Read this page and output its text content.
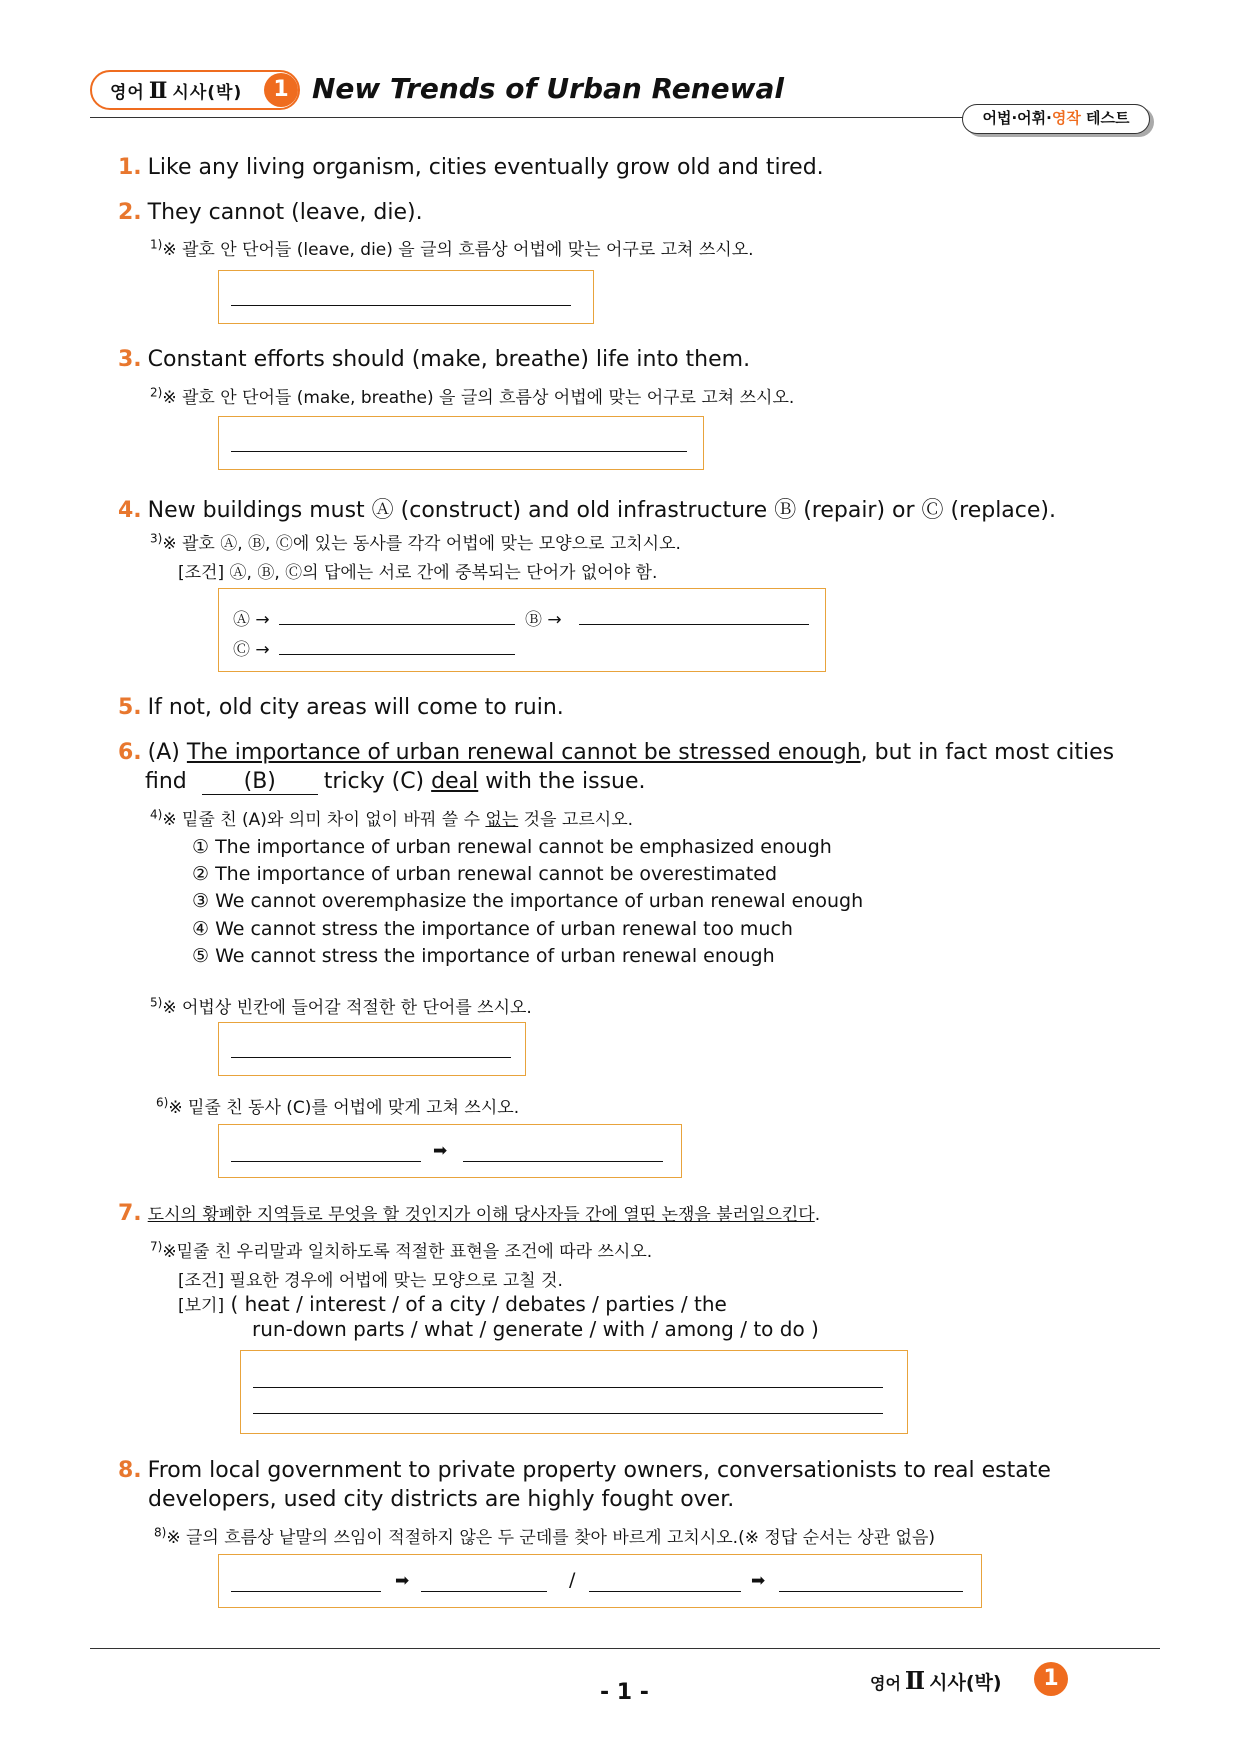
영어 Ⅱ 시사(박)	1 New Trends of Urban Renewal
어법·어휘·영작 테스트
1. Like any living organism, cities eventually grow old and tired.
2. They cannot (leave, die).
$^{1)}$※ 괄호 안 단어들 (leave, die) 을 글의 흐름상 어법에 맞는 어구로 고쳐 쓰시오.
3. Constant efforts should (make, breathe) life into them.
$^{2)}$※ 괄호 안 단어들 (make, breathe) 을 글의 흐름상 어법에 맞는 어구로 고쳐 쓰시오.
4. New buildings must Ⓐ (construct) and old infrastructure Ⓑ (repair) or Ⓒ (replace).
$^{3)}$※ 괄호 Ⓐ, Ⓑ, Ⓒ에 있는 동사를 각각 어법에 맞는 모양으로 고치시오.
[조건] Ⓐ, Ⓑ, Ⓒ의 답에는 서로 간에 중복되는 단어가 없어야 함.
Ⓐ →	Ⓑ →
Ⓒ →
5. If not, old city areas will come to ruin.
6. (A) The importance of urban renewal cannot be stressed enough, but in fact most cities
find	(B) tricky (C) deal with the issue.
$^{4)}$※ 밑줄 친 (A)와 의미 차이 없이 바꿔 쓸 수 없는 것을 고르시오.
① The importance of urban renewal cannot be emphasized enough
② The importance of urban renewal cannot be overestimated
③ We cannot overemphasize the importance of urban renewal enough
④ We cannot stress the importance of urban renewal too much
⑤ We cannot stress the importance of urban renewal enough
$^{5)}$※ 어법상 빈칸에 들어갈 적절한 한 단어를 쓰시오.
$^{6)}$※ 밑줄 친 동사 (C)를 어법에 맞게 고쳐 쓰시오.
➡
7. 도시의 황폐한 지역들로 무엇을 할 것인지가 이해 당사자들 간에 열띤 논쟁을 불러일으킨다.
$^{7)}$※밑줄 친 우리말과 일치하도록 적절한 표현을 조건에 따라 쓰시오.
[조건] 필요한 경우에 어법에 맞는 모양으로 고칠 것.
[보기] ( heat / interest / of a city / debates / parties / the
run-down parts / what / generate / with / among / to do )
8. From local government to private property owners, conversationists to real estate
developers, used city districts are highly fought over.
$^{8)}$※ 글의 흐름상 낱말의 쓰임이 적절하지 않은 두 군데를 찾아 바르게 고치시오.(※ 정답 순서는 상관 없음)
➡	/	➡
- 1 -	영어 Ⅱ 시사(박)	1
